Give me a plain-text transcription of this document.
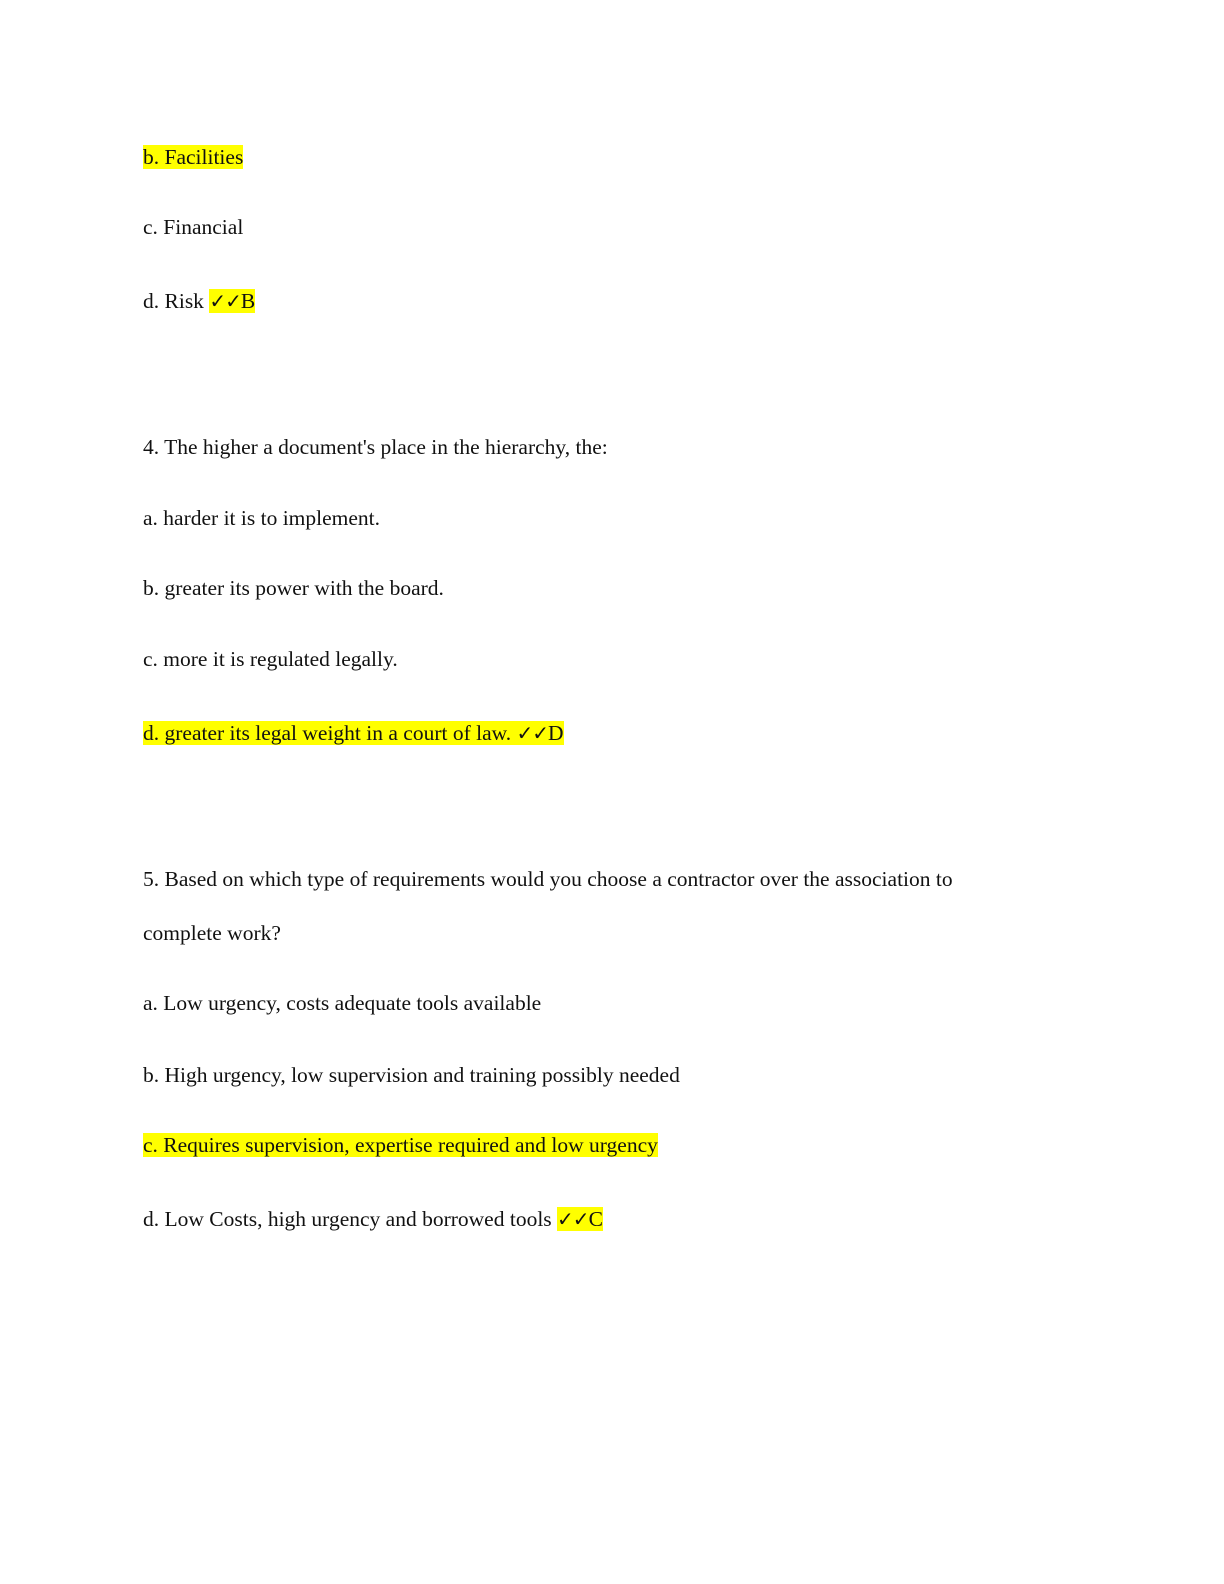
b. Facilities
c. Financial
d. Risk ✓✓B
4. The higher a document's place in the hierarchy, the:
a. harder it is to implement.
b. greater its power with the board.
c. more it is regulated legally.
d. greater its legal weight in a court of law. ✓✓D
5. Based on which type of requirements would you choose a contractor over the association to
complete work?
a. Low urgency, costs adequate tools available
b. High urgency, low supervision and training possibly needed
c. Requires supervision, expertise required and low urgency
d. Low Costs, high urgency and borrowed tools ✓✓C
